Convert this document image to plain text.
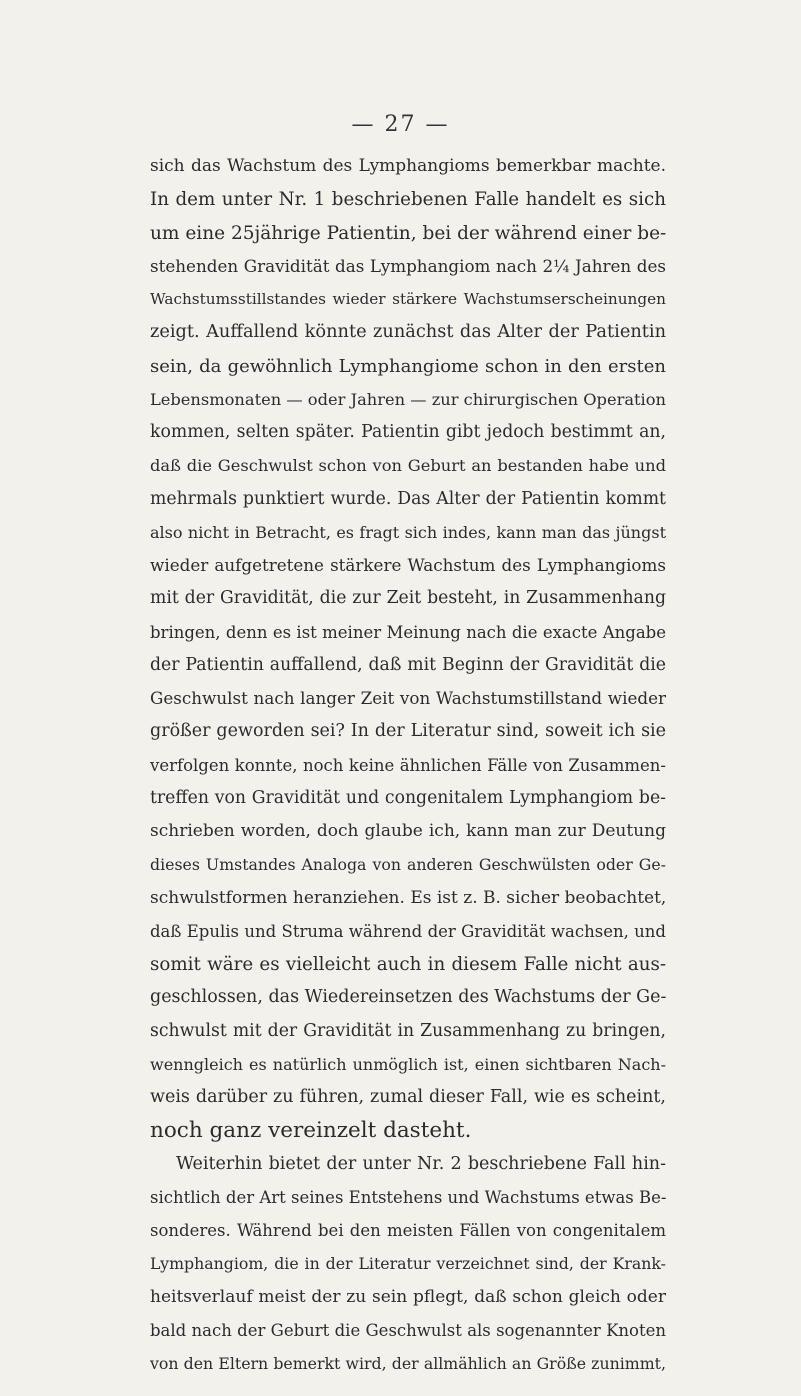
— 27 —
sich das Wachstum des Lymphangioms bemerkbar machte.
In dem unter Nr. 1 beschriebenen Falle handelt es sich
um eine 25jährige Patientin, bei der während einer be-
stehenden Gravidität das Lymphangiom nach 2¼ Jahren des
Wachstumsstillstandes wieder stärkere Wachstumserscheinungen
zeigt. Auffallend könnte zunächst das Alter der Patientin
sein, da gewöhnlich Lymphangiome schon in den ersten
Lebensmonaten — oder Jahren — zur chirurgischen Operation
kommen, selten später. Patientin gibt jedoch bestimmt an,
daß die Geschwulst schon von Geburt an bestanden habe und
mehrmals punktiert wurde. Das Alter der Patientin kommt
also nicht in Betracht, es fragt sich indes, kann man das jüngst
wieder aufgetretene stärkere Wachstum des Lymphangioms
mit der Gravidität, die zur Zeit besteht, in Zusammenhang
bringen, denn es ist meiner Meinung nach die exacte Angabe
der Patientin auffallend, daß mit Beginn der Gravidität die
Geschwulst nach langer Zeit von Wachstumstillstand wieder
größer geworden sei? In der Literatur sind, soweit ich sie
verfolgen konnte, noch keine ähnlichen Fälle von Zusammen-
treffen von Gravidität und congenitalem Lymphangiom be-
schrieben worden, doch glaube ich, kann man zur Deutung
dieses Umstandes Analoga von anderen Geschwülsten oder Ge-
schwulstformen heranziehen. Es ist z. B. sicher beobachtet,
daß Epulis und Struma während der Gravidität wachsen, und
somit wäre es vielleicht auch in diesem Falle nicht aus-
geschlossen, das Wiedereinsetzen des Wachstums der Ge-
schwulst mit der Gravidität in Zusammenhang zu bringen,
wenngleich es natürlich unmöglich ist, einen sichtbaren Nach-
weis darüber zu führen, zumal dieser Fall, wie es scheint,
noch ganz vereinzelt dasteht.
Weiterhin bietet der unter Nr. 2 beschriebene Fall hin-
sichtlich der Art seines Entstehens und Wachstums etwas Be-
sonderes. Während bei den meisten Fällen von congenitalem
Lymphangiom, die in der Literatur verzeichnet sind, der Krank-
heitsverlauf meist der zu sein pflegt, daß schon gleich oder
bald nach der Geburt die Geschwulst als sogenannter Knoten
von den Eltern bemerkt wird, der allmählich an Größe zunimmt,
